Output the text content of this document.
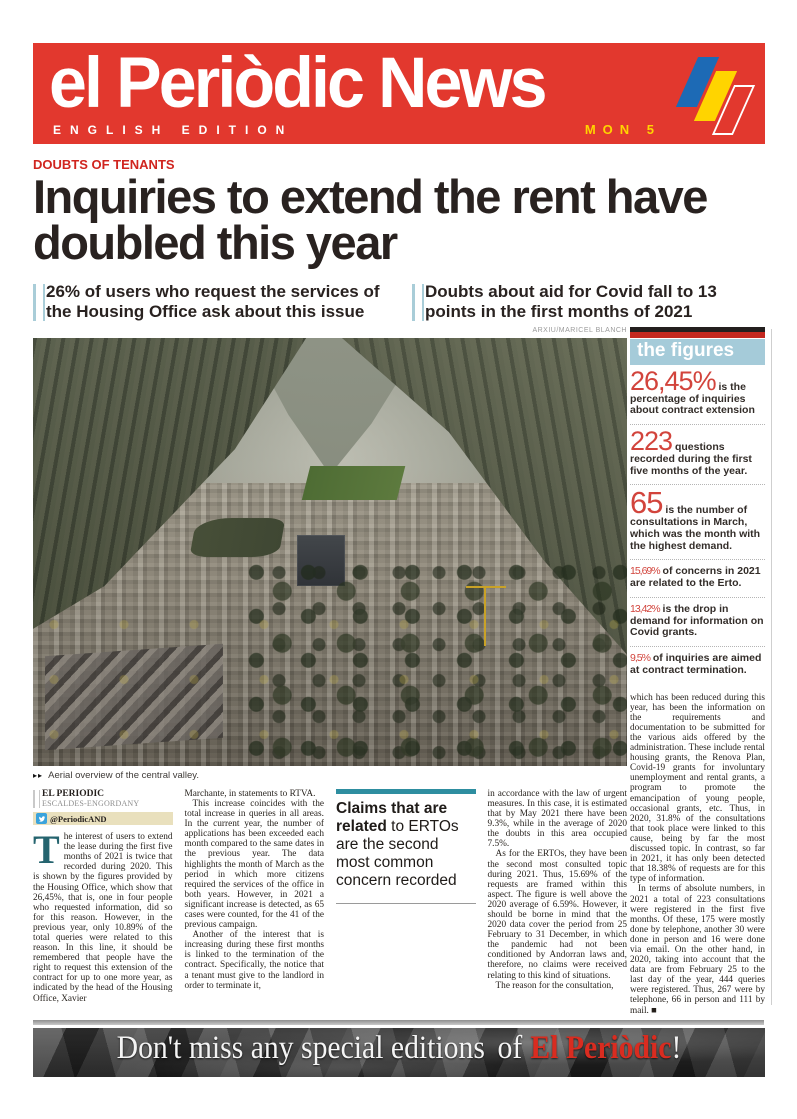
el Periòdic News
ENGLISH EDITION	MON 5
DOUBTS OF TENANTS
Inquiries to extend the rent have doubled this year
26% of users who request the services of the Housing Office ask about this issue
Doubts about aid for Covid fall to 13 points in the first months of 2021
ARXIU/MARICEL BLANCH
▸▸ Aerial overview of the central valley.
EL PERIÒDIC
ESCALDES-ENGORDANY
@PeriodicAND

The interest of users to extend the lease during the first five months of 2021 is twice that recorded during 2020. This is shown by the figures provided by the Housing Office, which show that 26,45%, that is, one in four people who requested information, did so for this reason. However, in the previous year, only 10.89% of the total queries were related to this reason. In this line, it should be remembered that people have the right to request this extension of the contract for up to one more year, as indicated by the head of the Housing Office, Xavier

Marchante, in statements to RTVA.

This increase coincides with the total increase in queries in all areas. In the current year, the number of applications has been exceeded each month compared to the same dates in the previous year. The data highlights the month of March as the period in which more citizens required the services of the office in both years. However, in 2021 a significant increase is detected, as 65 cases were counted, for the 41 of the previous campaign.

Another of the interest that is increasing during these first months is linked to the termination of the contract. Specifically, the notice that a tenant must give to the landlord in order to terminate it,

Claims that are related to ERTOs are the second most common concern recorded

in accordance with the law of urgent measures. In this case, it is estimated that by May 2021 there have been 9.3%, while in the average of 2020 the doubts in this area occupied 7.5%.

As for the ERTOs, they have been the second most consulted topic during 2021. Thus, 15.69% of the requests are framed within this aspect. The figure is well above the 2020 average of 6.59%. However, it should be borne in mind that the 2020 data cover the period from 25 February to 31 December, in which the pandemic had not been conditioned by Andorran laws and, therefore, no claims were received relating to this kind of situations.

The reason for the consultation,

the figures
26,45% is the percentage of inquiries about contract extension
223 questions recorded during the first five months of the year.
65 is the number of consultations in March, which was the month with the highest demand.
15,69% of concerns in 2021 are related to the Erto.
13,42% is the drop in demand for information on Covid grants.
9,5% of inquiries are aimed at contract termination.

which has been reduced during this year, has been the information on the requirements and documentation to be submitted for the various aids offered by the administration. These include rental housing grants, the Renova Plan, Covid-19 grants for involuntary unemployment and rental grants, a program to promote the emancipation of young people, occasional grants, etc. Thus, in 2020, 31.8% of the consultations that took place were linked to this cause, being by far the most discussed topic. In contrast, so far in 2021, it has only been detected that 18.38% of requests are for this type of information.

In terms of absolute numbers, in 2021 a total of 223 consultations were registered in the first five months. Of these, 175 were mostly done by telephone, another 30 were done in person and 16 were done via email. On the other hand, in 2020, taking into account that the data are from February 25 to the last day of the year, 444 queries were registered. Thus, 267 were by telephone, 66 in person and 111 by mail. ■

Don't miss any special editions of El Periòdic!
